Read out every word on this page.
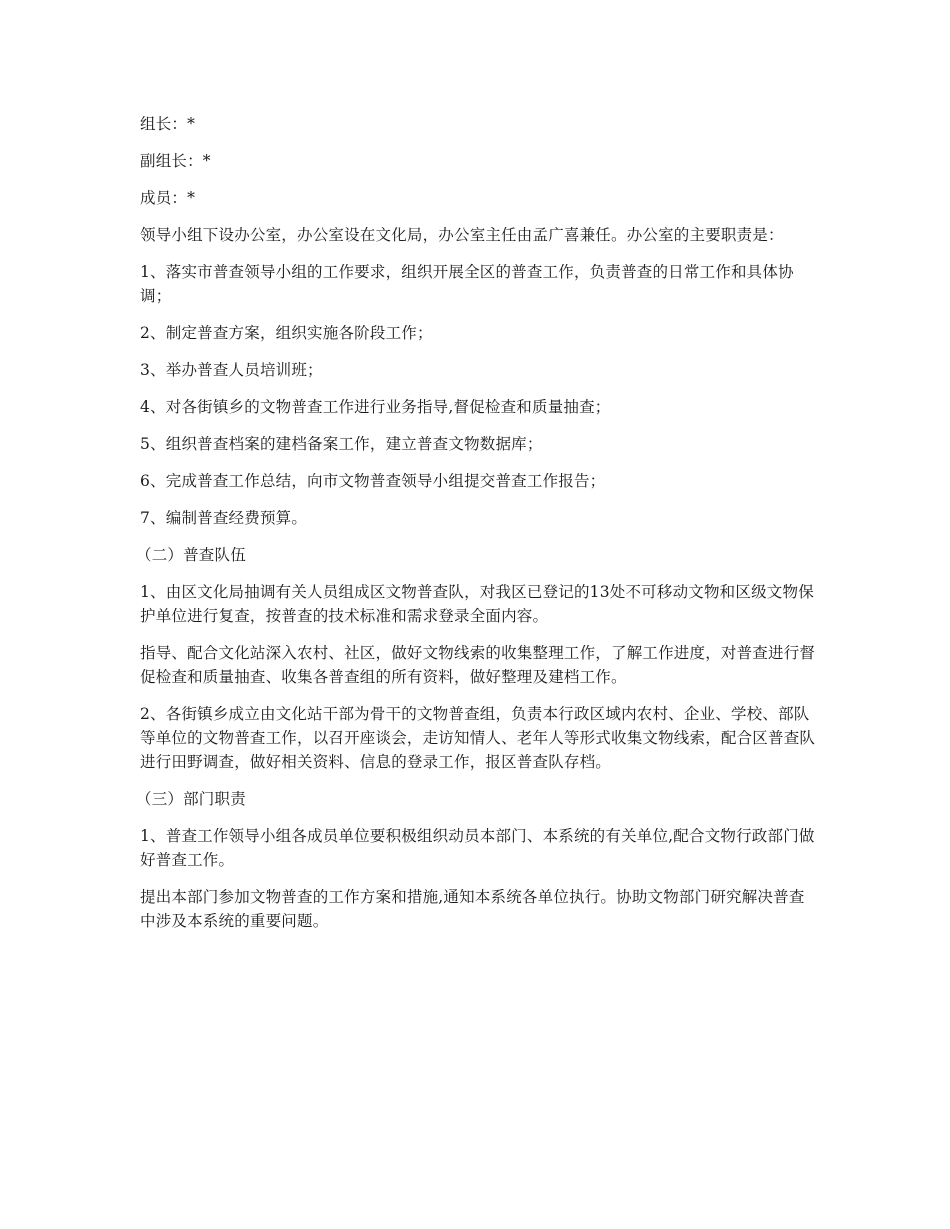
组长：*

副组长：*

成员：*

领导小组下设办公室，办公室设在文化局，办公室主任由孟广喜兼任。办公室的主要职责是：

1、落实市普查领导小组的工作要求，组织开展全区的普查工作，负责普查的日常工作和具体协调；

2、制定普查方案，组织实施各阶段工作；

3、举办普查人员培训班；

4、对各街镇乡的文物普查工作进行业务指导,督促检查和质量抽查；

5、组织普查档案的建档备案工作，建立普查文物数据库；

6、完成普查工作总结，向市文物普查领导小组提交普查工作报告；

7、编制普查经费预算。

（二）普查队伍

1、由区文化局抽调有关人员组成区文物普查队，对我区已登记的13处不可移动文物和区级文物保护单位进行复查，按普查的技术标准和需求登录全面内容。

指导、配合文化站深入农村、社区，做好文物线索的收集整理工作，了解工作进度，对普查进行督促检查和质量抽查、收集各普查组的所有资料，做好整理及建档工作。

2、各街镇乡成立由文化站干部为骨干的文物普查组，负责本行政区域内农村、企业、学校、部队等单位的文物普查工作，以召开座谈会，走访知情人、老年人等形式收集文物线索，配合区普查队进行田野调查，做好相关资料、信息的登录工作，报区普查队存档。

（三）部门职责

1、普查工作领导小组各成员单位要积极组织动员本部门、本系统的有关单位,配合文物行政部门做好普查工作。

提出本部门参加文物普查的工作方案和措施,通知本系统各单位执行。协助文物部门研究解决普查中涉及本系统的重要问题。
